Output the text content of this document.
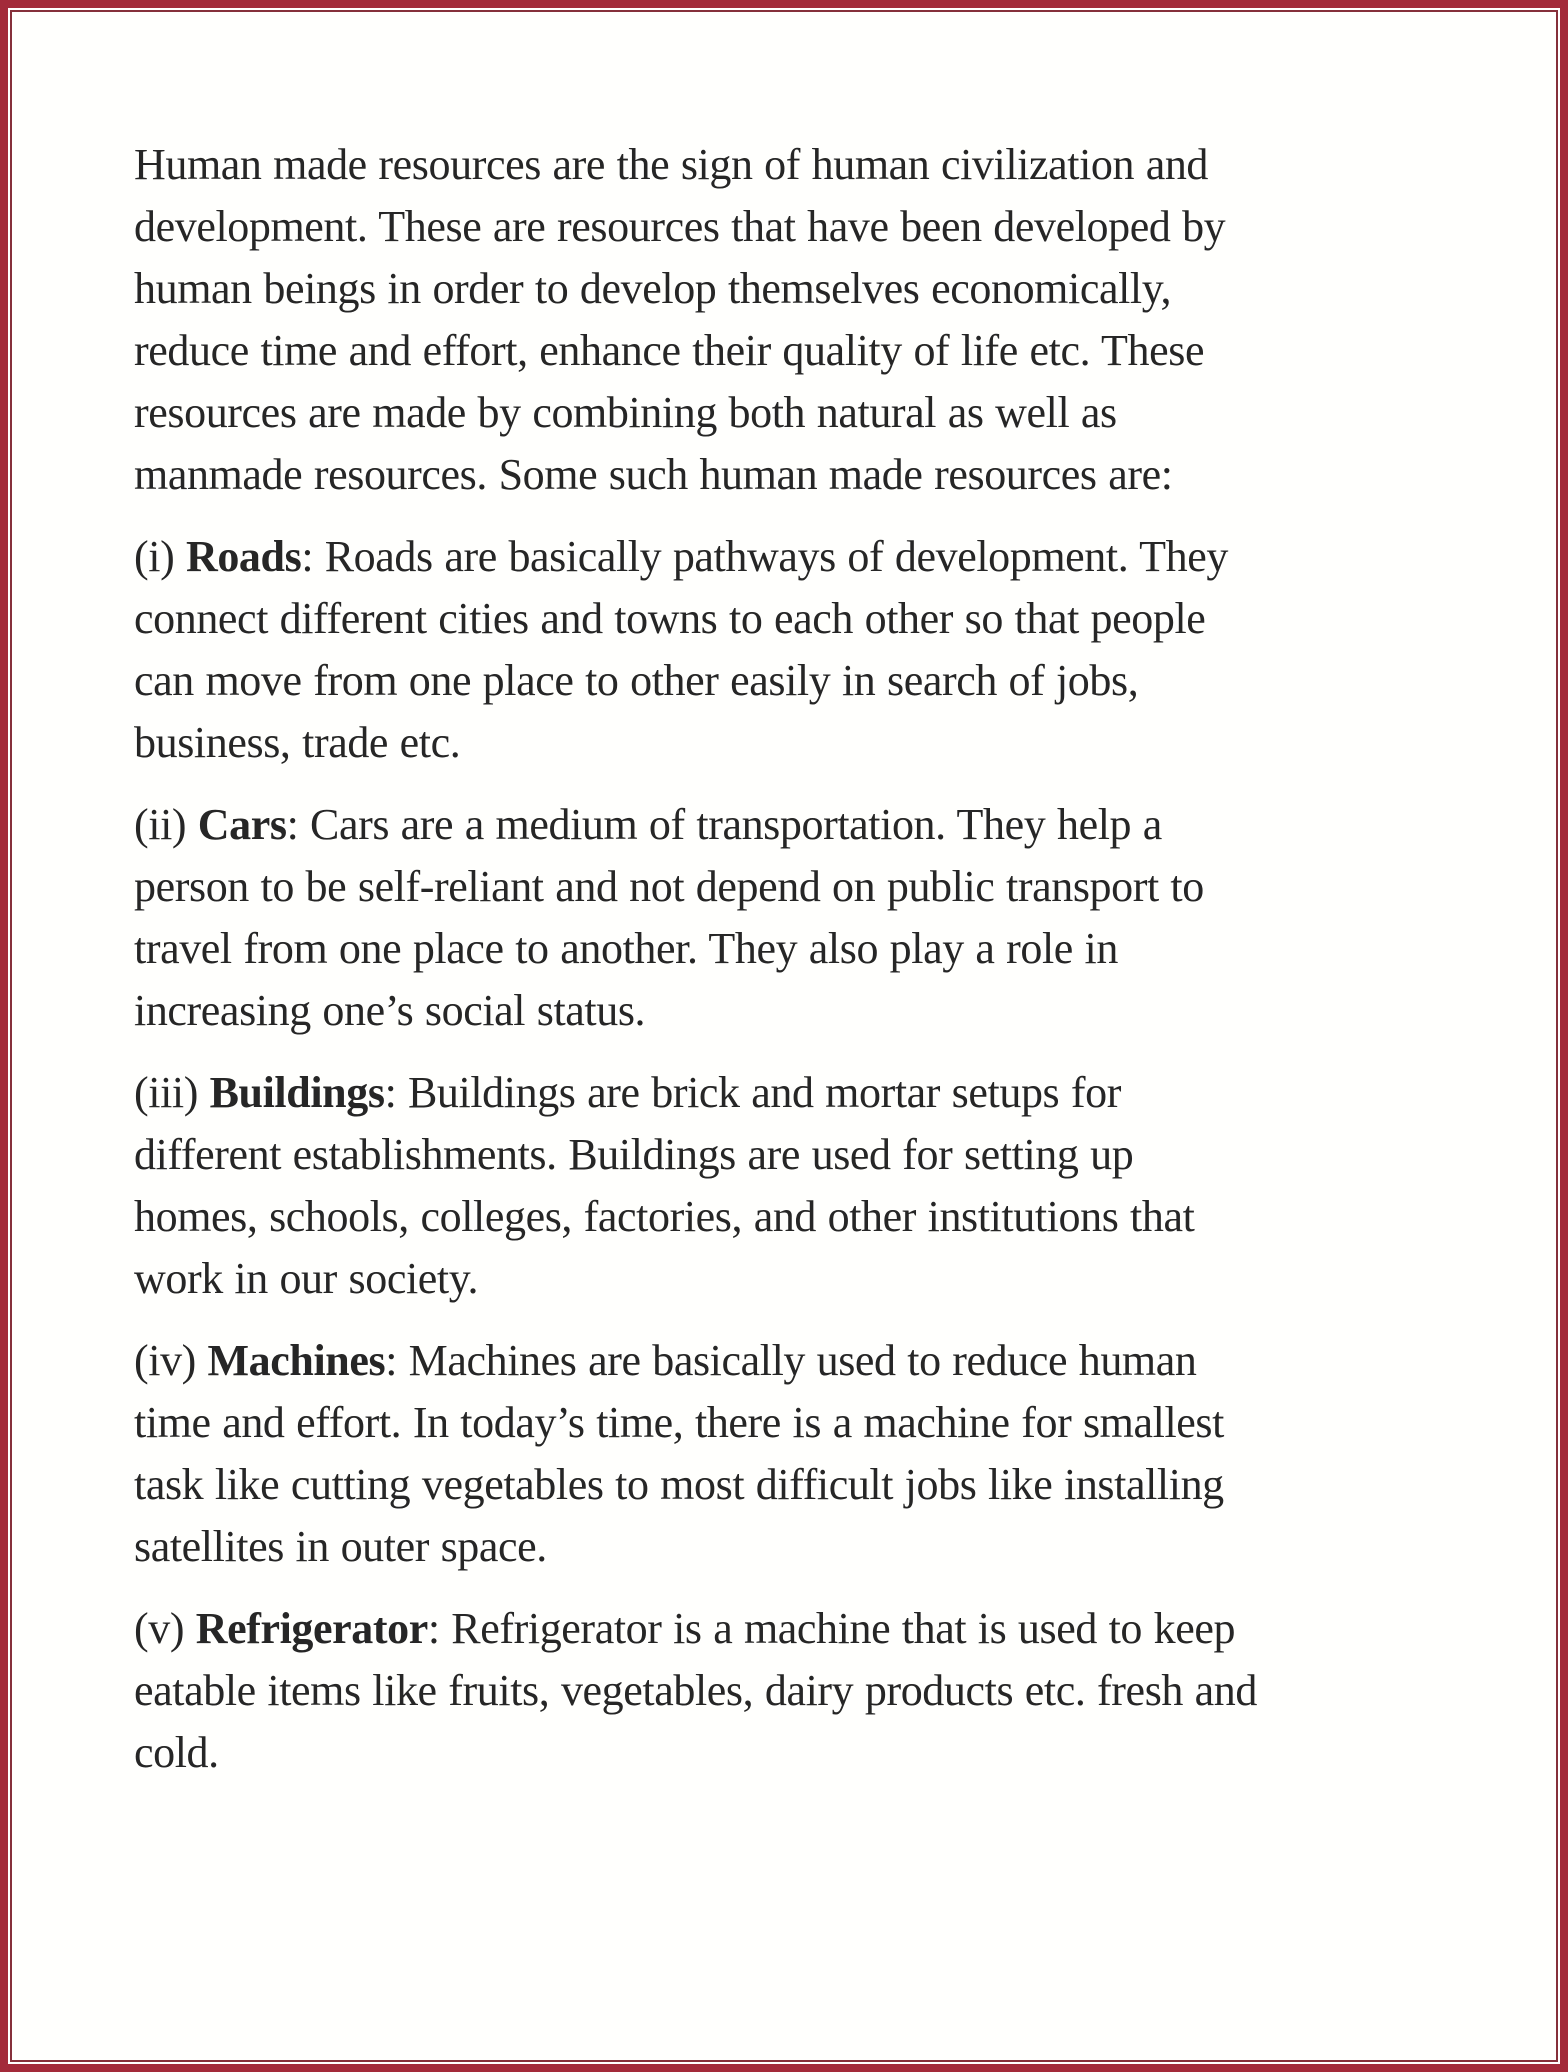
Human made resources are the sign of human civilization and
development. These are resources that have been developed by
human beings in order to develop themselves economically,
reduce time and effort, enhance their quality of life etc. These
resources are made by combining both natural as well as
manmade resources. Some such human made resources are:
(i) Roads: Roads are basically pathways of development. They
connect different cities and towns to each other so that people
can move from one place to other easily in search of jobs,
business, trade etc.
(ii) Cars: Cars are a medium of transportation. They help a
person to be self-reliant and not depend on public transport to
travel from one place to another. They also play a role in
increasing one’s social status.
(iii) Buildings: Buildings are brick and mortar setups for
different establishments. Buildings are used for setting up
homes, schools, colleges, factories, and other institutions that
work in our society.
(iv) Machines: Machines are basically used to reduce human
time and effort. In today’s time, there is a machine for smallest
task like cutting vegetables to most difficult jobs like installing
satellites in outer space.
(v) Refrigerator: Refrigerator is a machine that is used to keep
eatable items like fruits, vegetables, dairy products etc. fresh and
cold.
